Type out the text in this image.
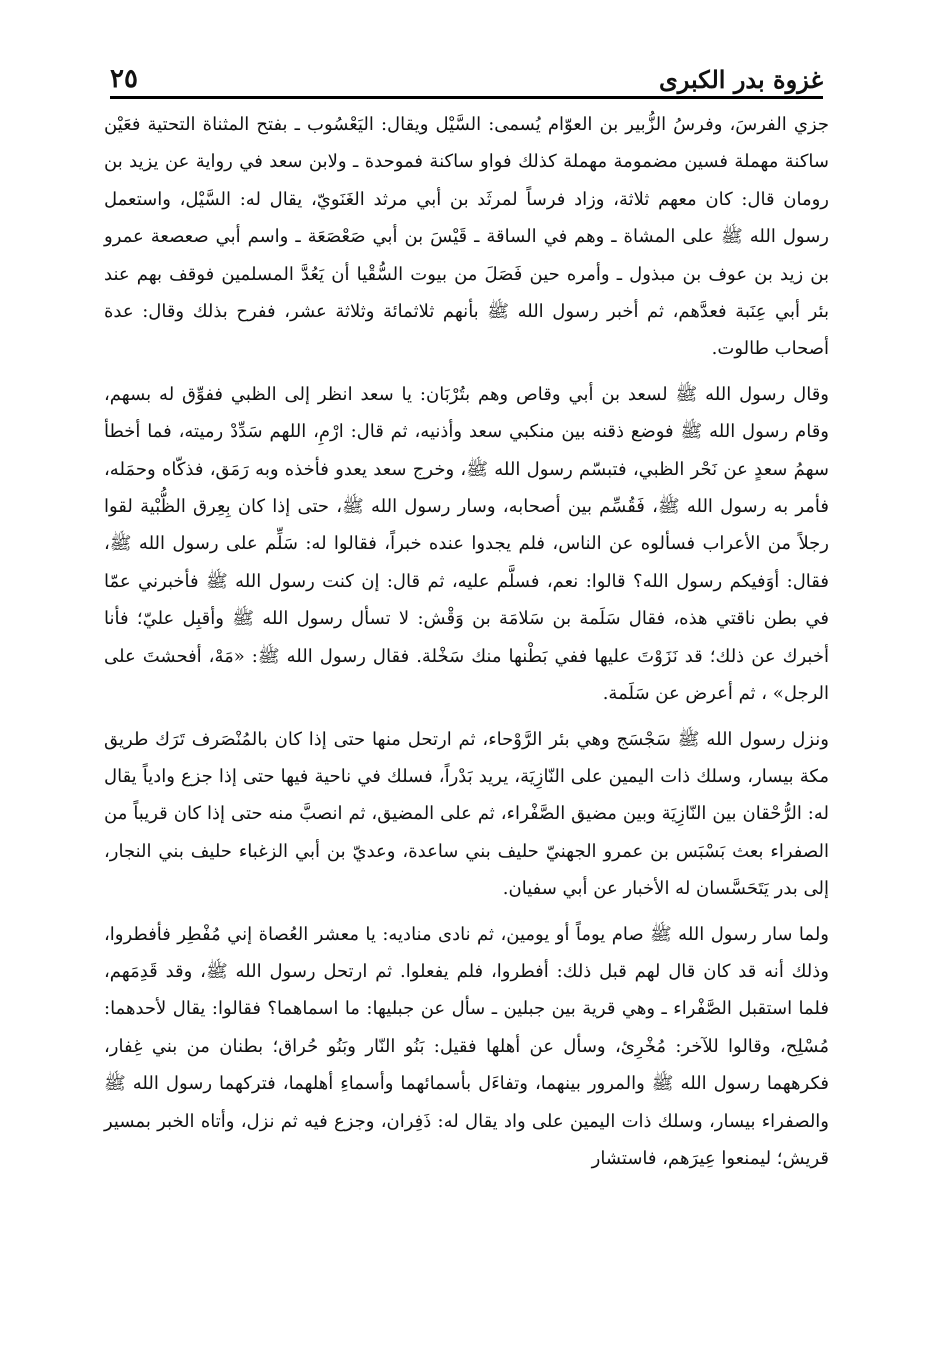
غزوة بدر الكبرى
٢٥

جزي الفرسَ، وفرسُ الزُّبير بن العوّام يُسمى: السَّيْل ويقال: اليَعْسُوب ـ بفتح المثناة التحتية فعَيْن ساكنة مهملة فسين مضمومة مهملة كذلك فواو ساكنة فموحدة ـ ولابن سعد في رواية عن يزيد بن رومان قال: كان معهم ثلاثة، وزاد فرساً لمرثَد بن أبي مرثد الغَنَويّ، يقال له: السَّيْل، واستعمل رسول الله ﷺ على المشاة ـ وهم في الساقة ـ قَيْسَ بن أبي صَعْصَعَة ـ واسم أبي صعصعة عمرو بن زيد بن عوف بن مبذول ـ وأمره حين فَصَلَ من بيوت السُّقْيا أن يَعُدَّ المسلمين فوقف بهم عند بئر أبي عِنَبة فعدَّهم، ثم أخبر رسول الله ﷺ بأنهم ثلاثمائة وثلاثة عشر، ففرح بذلك وقال: عدة أصحاب طالوت.

وقال رسول الله ﷺ لسعد بن أبي وقاص وهم بتُرْبَان: يا سعد انظر إلى الظبي ففوِّق له بسهم، وقام رسول الله ﷺ فوضع ذقنه بين منكبي سعد وأذنيه، ثم قال: ارْمِ، اللهم سَدِّدْ رميته، فما أخطأ سهمُ سعدٍ عن نَحْر الظبي، فتبسّم رسول الله ﷺ، وخرج سعد يعدو فأخذه وبه رَمَق، فذكّاه وحمَله، فأمر به رسول الله ﷺ، فَقُسِّم بين أصحابه، وسار رسول الله ﷺ، حتى إذا كان بِعِرق الظُّبْية لقوا رجلاً من الأعراب فسألوه عن الناس، فلم يجدوا عنده خبراً، فقالوا له: سَلِّم على رسول الله ﷺ، فقال: أوَفيكم رسول الله؟ قالوا: نعم، فسلَّم عليه، ثم قال: إن كنت رسول الله ﷺ فأخبرني عمّا في بطن ناقتي هذه، فقال سَلَمة بن سَلامَة بن وَقْش: لا تسأل رسول الله ﷺ وأقبِل عليّ؛ فأنا أخبرك عن ذلك؛ قد نَزَوْتَ عليها ففي بَطْنها منك سَخْلة. فقال رسول الله ﷺ: «مَهْ، أفحشتَ على الرجل» ، ثم أعرض عن سَلَمة.

ونزل رسول الله ﷺ سَجْسَج وهي بئر الرَّوْحاء، ثم ارتحل منها حتى إذا كان بالمُنْصَرف تَرَك طريق مكة بيسار، وسلك ذات اليمين على النّازِيَة، يريد بَدْراً، فسلك في ناحية فيها حتى إذا جزع وادياً يقال له: الرُّحْقان بين النّازِيَة وبين مضيق الصَّفْراء، ثم على المضيق، ثم انصبَّ منه حتى إذا كان قريباً من الصفراء بعث بَسْبَس بن عمرو الجهنيّ حليف بني ساعدة، وعديّ بن أبي الزغباء حليف بني النجار، إلى بدر يَتَحَسَّسان له الأخبار عن أبي سفيان.

ولما سار رسول الله ﷺ صام يوماً أو يومين، ثم نادى مناديه: يا معشر العُصاة إني مُفْطِر فأفطروا، وذلك أنه قد كان قال لهم قبل ذلك: أفطروا، فلم يفعلوا. ثم ارتحل رسول الله ﷺ، وقد قَدِمَهم، فلما استقبل الصَّفْراء ـ وهي قرية بين جبلين ـ سأل عن جبليها: ما اسماهما؟ فقالوا: يقال لأحدهما: مُسْلِح، وقالوا للآخر: مُخْرِئ، وسأل عن أهلها فقيل: بَنُو النّار وبَنُو حُراق؛ بطنان من بني غِفار، فكرههما رسول الله ﷺ والمرور بينهما، وتفاءَل بأسمائهما وأسماءِ أهلهما، فتركهما رسول الله ﷺ والصفراء بيسار، وسلك ذات اليمين على واد يقال له: ذَفِران، وجزع فيه ثم نزل، وأتاه الخبر بمسير قريش؛ ليمنعوا عِيرَهم، فاستشار
